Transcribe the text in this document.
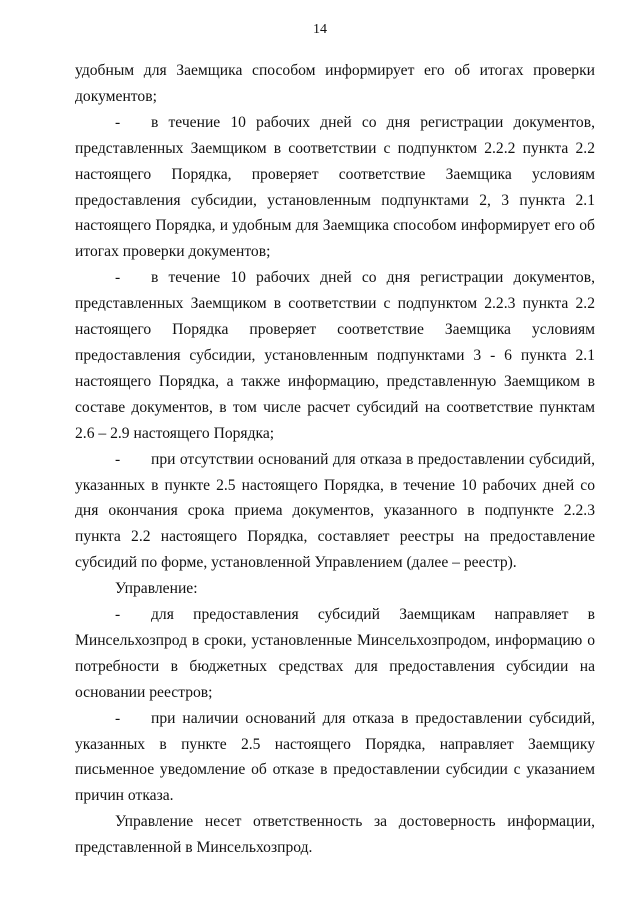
14

удобным для Заемщика способом информирует его об итогах проверки документов;

- в течение 10 рабочих дней со дня регистрации документов, представленных Заемщиком в соответствии с подпунктом 2.2.2 пункта 2.2 настоящего Порядка, проверяет соответствие Заемщика условиям предоставления субсидии, установленным подпунктами 2, 3 пункта 2.1 настоящего Порядка, и удобным для Заемщика способом информирует его об итогах проверки документов;

- в течение 10 рабочих дней со дня регистрации документов, представленных Заемщиком в соответствии с подпунктом 2.2.3 пункта 2.2 настоящего Порядка проверяет соответствие Заемщика условиям предоставления субсидии, установленным подпунктами 3 - 6 пункта 2.1 настоящего Порядка, а также информацию, представленную Заемщиком в составе документов, в том числе расчет субсидий на соответствие пунктам 2.6 – 2.9 настоящего Порядка;

- при отсутствии оснований для отказа в предоставлении субсидий, указанных в пункте 2.5 настоящего Порядка, в течение 10 рабочих дней со дня окончания срока приема документов, указанного в подпункте 2.2.3 пункта 2.2 настоящего Порядка, составляет реестры на предоставление субсидий по форме, установленной Управлением (далее – реестр).

Управление:

- для предоставления субсидий Заемщикам направляет в Минсельхозпрод в сроки, установленные Минсельхозпродом, информацию о потребности в бюджетных средствах для предоставления субсидии на основании реестров;

- при наличии оснований для отказа в предоставлении субсидий, указанных в пункте 2.5 настоящего Порядка, направляет Заемщику письменное уведомление об отказе в предоставлении субсидии с указанием причин отказа.

Управление несет ответственность за достоверность информации, представленной в Минсельхозпрод.
